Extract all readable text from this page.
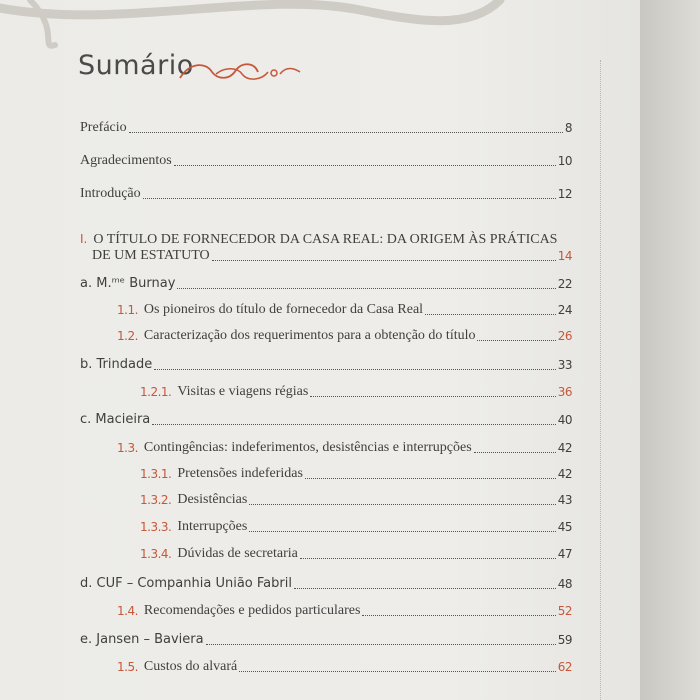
Sumário
Prefácio	8
Agradecimentos	10
Introdução	12
I. O TÍTULO DE FORNECEDOR DA CASA REAL: DA ORIGEM ÀS PRÁTICAS
DE UM ESTATUTO	14
a. M.ᵐᵉ Burnay	22
1.1. Os pioneiros do título de fornecedor da Casa Real	24
1.2. Caracterização dos requerimentos para a obtenção do título	26
b. Trindade	33
1.2.1. Visitas e viagens régias	36
c. Macieira	40
1.3. Contingências: indeferimentos, desistências e interrupções	42
1.3.1. Pretensões indeferidas	42
1.3.2. Desistências	43
1.3.3. Interrupções	45
1.3.4. Dúvidas de secretaria	47
d. CUF – Companhia União Fabril	48
1.4. Recomendações e pedidos particulares	52
e. Jansen – Baviera	59
1.5. Custos do alvará	62
